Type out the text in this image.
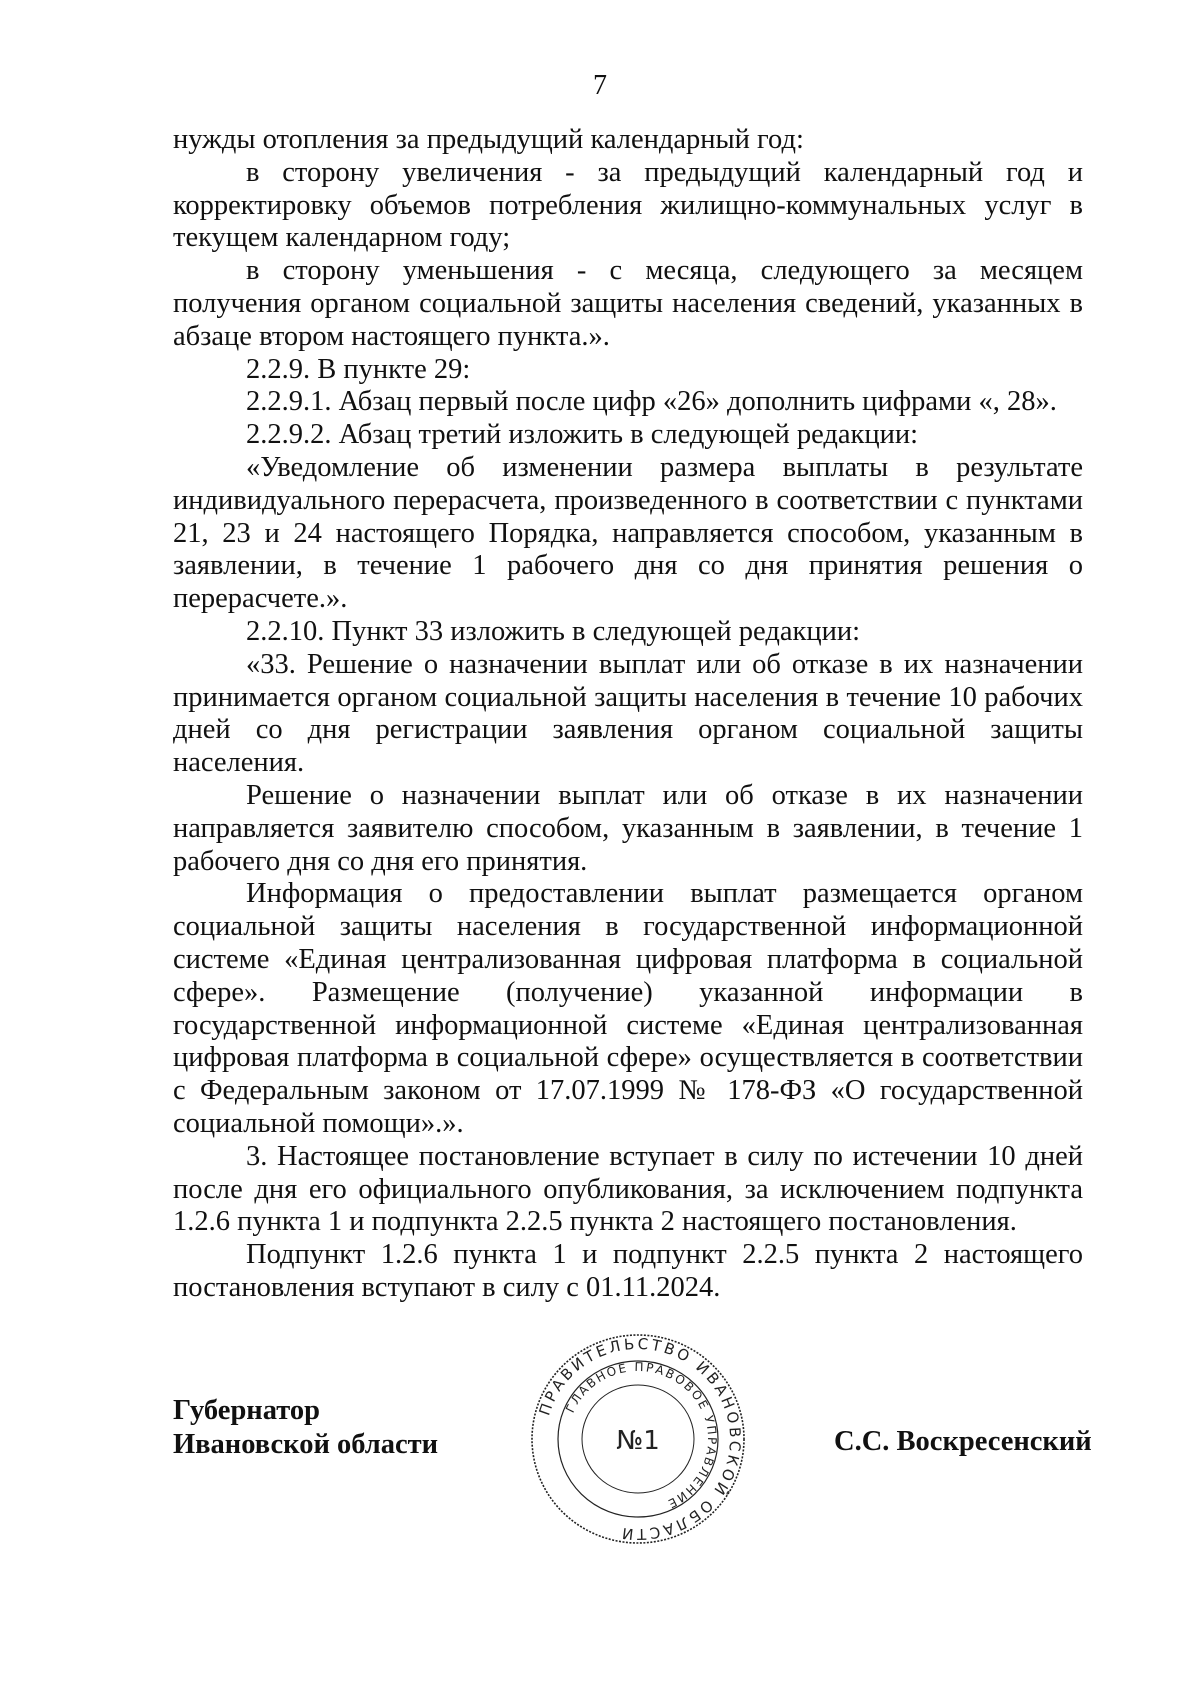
7

нужды отопления за предыдущий календарный год:

в сторону увеличения - за предыдущий календарный год и корректировку объемов потребления жилищно-коммунальных услуг в текущем календарном году;

в сторону уменьшения - с месяца, следующего за месяцем получения органом социальной защиты населения сведений, указанных в абзаце втором настоящего пункта.».

2.2.9. В пункте 29:

2.2.9.1. Абзац первый после цифр «26» дополнить цифрами «, 28».

2.2.9.2. Абзац третий изложить в следующей редакции:

«Уведомление об изменении размера выплаты в результате индивидуального перерасчета, произведенного в соответствии с пунктами 21, 23 и 24 настоящего Порядка, направляется способом, указанным в заявлении, в течение 1 рабочего дня со дня принятия решения о перерасчете.».

2.2.10. Пункт 33 изложить в следующей редакции:

«33. Решение о назначении выплат или об отказе в их назначении принимается органом социальной защиты населения в течение 10 рабочих дней со дня регистрации заявления органом социальной защиты населения.

Решение о назначении выплат или об отказе в их назначении направляется заявителю способом, указанным в заявлении, в течение 1 рабочего дня со дня его принятия.

Информация о предоставлении выплат размещается органом социальной защиты населения в государственной информационной системе «Единая централизованная цифровая платформа в социальной сфере». Размещение (получение) указанной информации в государственной информационной системе «Единая централизованная цифровая платформа в социальной сфере» осуществляется в соответствии с Федеральным законом от 17.07.1999 № 178-ФЗ «О государственной социальной помощи».».

3. Настоящее постановление вступает в силу по истечении 10 дней после дня его официального опубликования, за исключением подпункта 1.2.6 пункта 1 и подпункта 2.2.5 пункта 2 настоящего постановления.

Подпункт 1.2.6 пункта 1 и подпункт 2.2.5 пункта 2 настоящего постановления вступают в силу с 01.11.2024.

Губернатор
Ивановской области
ПРАВИТЕЛЬСТВО ИВАНОВСКОЙ ОБЛАСТИ
ГЛАВНОЕ ПРАВОВОЕ УПРАВЛЕНИЕ
№1	С.С. Воскресенский
